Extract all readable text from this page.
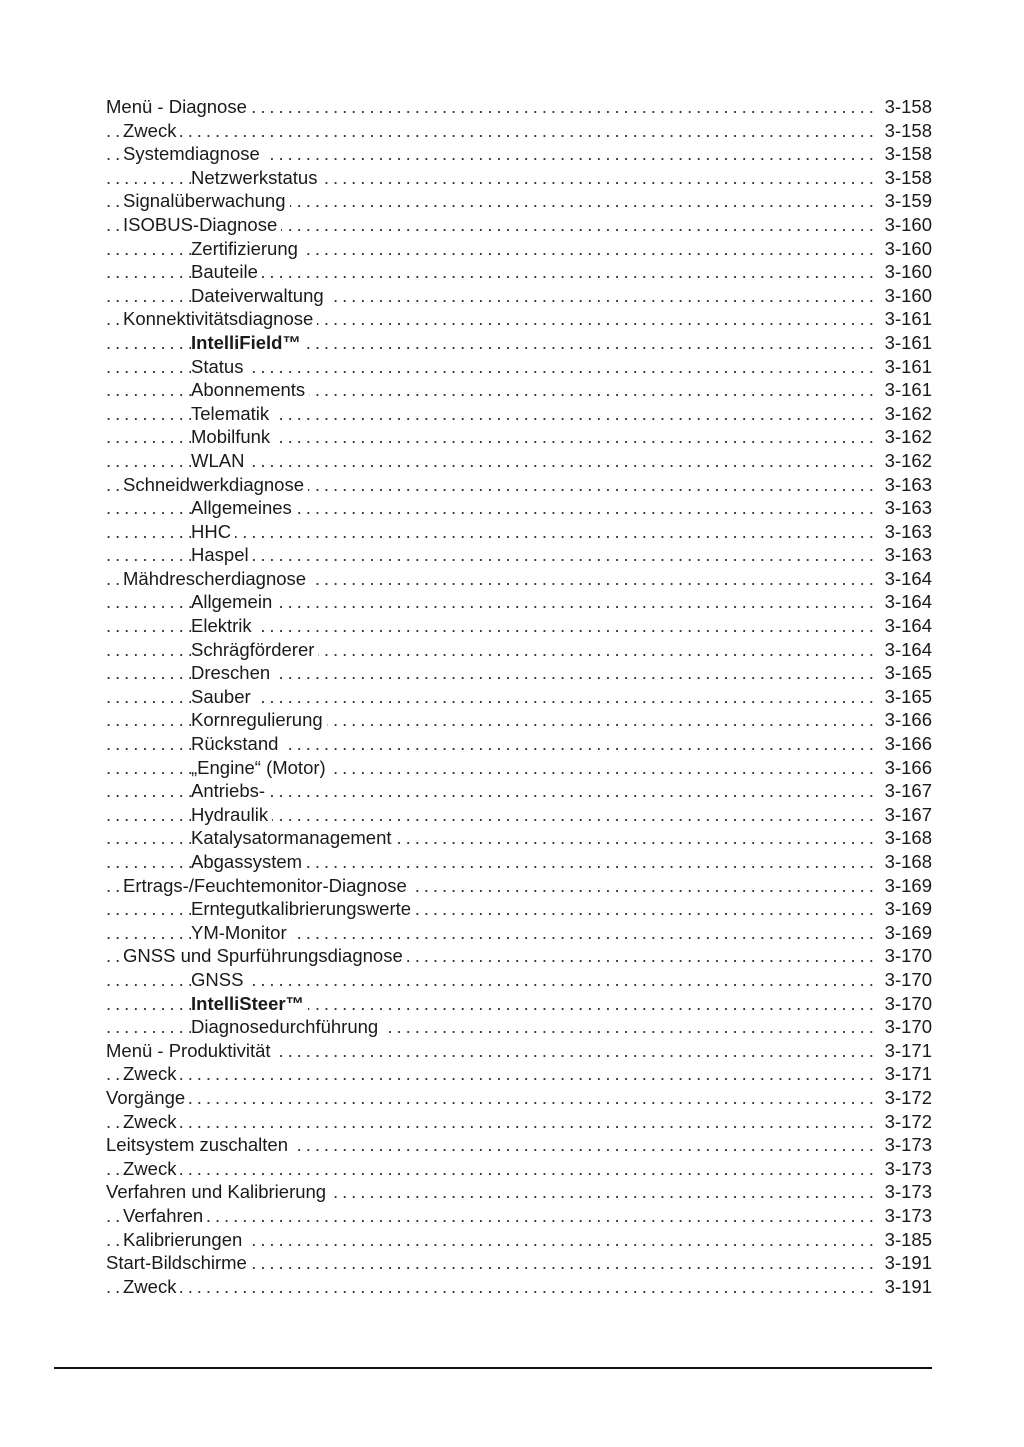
. . .
Menü - Diagnose	3-158
. . .
Zweck	3-158
. . .
Systemdiagnose	3-158
. . .
Netzwerkstatus	3-158
. . .
Signalüberwachung	3-159
. . .
ISOBUS-Diagnose	3-160
. . .
Zertifizierung	3-160
. . .
Bauteile	3-160
. . .
Dateiverwaltung	3-160
. . .
Konnektivitätsdiagnose	3-161
. . .
IntelliField™	3-161
. . .
Status	3-161
. . .
Abonnements	3-161
. . .
Telematik	3-162
. . .
Mobilfunk	3-162
. . .
WLAN	3-162
. . .
Schneidwerkdiagnose	3-163
. . .
Allgemeines	3-163
. . .
HHC	3-163
. . .
Haspel	3-163
. . .
Mähdrescherdiagnose	3-164
. . .
Allgemein	3-164
. . .
Elektrik	3-164
. . .
Schrägförderer	3-164
. . .
Dreschen	3-165
. . .
Sauber	3-165
. . .
Kornregulierung	3-166
. . .
Rückstand	3-166
. . .
„Engine“ (Motor)	3-166
. . .
Antriebs-	3-167
. . .
Hydraulik	3-167
. . .
Katalysatormanagement	3-168
. . .
Abgassystem	3-168
. . .
Ertrags-/Feuchtemonitor-Diagnose	3-169
. . .
Erntegutkalibrierungswerte	3-169
. . .
YM-Monitor	3-169
. . .
GNSS und Spurführungsdiagnose	3-170
. . .
GNSS	3-170
. . .
IntelliSteer™	3-170
. . .
Diagnosedurchführung	3-170
. . .
Menü - Produktivität	3-171
. . .
Zweck	3-171
. . .
Vorgänge	3-172
. . .
Zweck	3-172
. . .
Leitsystem zuschalten	3-173
. . .
Zweck	3-173
. . .
Verfahren und Kalibrierung	3-173
. . .
Verfahren	3-173
. . .
Kalibrierungen	3-185
. . .
Start-Bildschirme	3-191
. . .
Zweck	3-191
